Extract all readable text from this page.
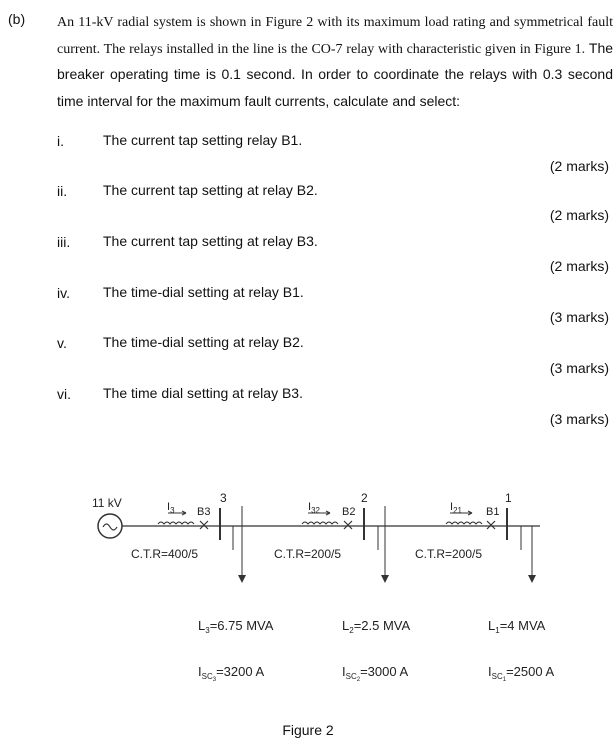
(b) An 11-kV radial system is shown in Figure 2 with its maximum load rating and symmetrical fault current. The relays installed in the line is the CO-7 relay with characteristic given in Figure 1. The breaker operating time is 0.1 second. In order to coordinate the relays with 0.3 second time interval for the maximum fault currents, calculate and select:
i.	The current tap setting relay B1.
(2 marks)
ii.	The current tap setting at relay B2.
(2 marks)
iii. The current tap setting at relay B3.
(2 marks)
iv. The time-dial setting at relay B1.
(3 marks)
v.	The time-dial setting at relay B2.
(3 marks)
vi. The time dial setting at relay B3.
(3 marks)
11 kV	3
B3
$I_3$
2
B2
$I_{32}$
1
B1
$I_{21}$
C.T.R=400/5	C.T.R=200/5	C.T.R=200/5
$L_3=6.75$ MVA	$L_2=2.5$ MVA	$L_1=4$ MVA
$I_{SC}3=3200$ A	$I_{SC}2=3000$ A	$I_{SC}1=2500$ A
Figure 2
